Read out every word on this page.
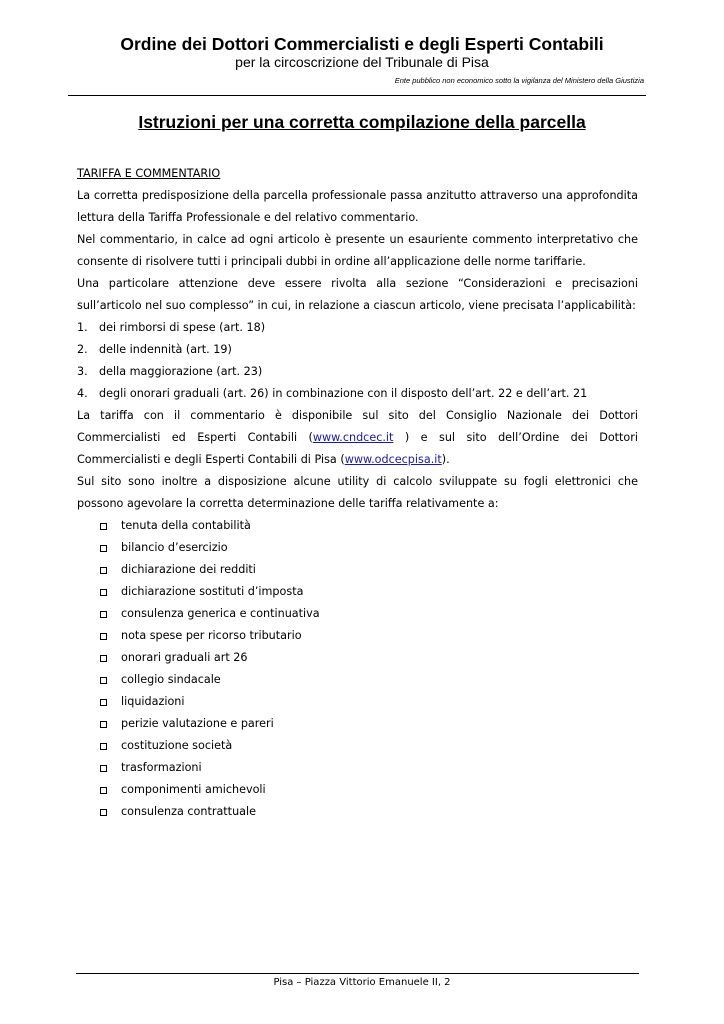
Ordine dei Dottori Commercialisti e degli Esperti Contabili
per la circoscrizione del Tribunale di Pisa
Ente pubblico non economico sotto la vigilanza del Ministero della Giustizia
Istruzioni per una corretta compilazione della parcella

TARIFFA E COMMENTARIO

La corretta predisposizione della parcella professionale passa anzitutto attraverso una approfondita lettura della Tariffa Professionale e del relativo commentario.

Nel commentario, in calce ad ogni articolo è presente un esauriente commento interpretativo che consente di risolvere tutti i principali dubbi in ordine all’applicazione delle norme tariffarie.

Una particolare attenzione deve essere rivolta alla sezione “Considerazioni e precisazioni sull’articolo nel suo complesso” in cui, in relazione a ciascun articolo, viene precisata l’applicabilità:

1.	dei rimborsi di spese (art. 18)
2.	delle indennità (art. 19)
3.	della maggiorazione (art. 23)
4.	degli onorari graduali (art. 26) in combinazione con il disposto dell’art. 22 e dell’art. 21

La tariffa con il commentario è disponibile sul sito del Consiglio Nazionale dei Dottori Commercialisti ed Esperti Contabili (www.cndcec.it ) e sul sito dell’Ordine dei Dottori Commercialisti e degli Esperti Contabili di Pisa (www.odcecpisa.it).

Sul sito sono inoltre a disposizione alcune utility di calcolo sviluppate su fogli elettronici che possono agevolare la corretta determinazione delle tariffa relativamente a:

tenuta della contabilità
bilancio d’esercizio
dichiarazione dei redditi
dichiarazione sostituti d’imposta
consulenza generica e continuativa
nota spese per ricorso tributario
onorari graduali art 26
collegio sindacale
liquidazioni
perizie valutazione e pareri
costituzione società
trasformazioni
componimenti amichevoli
consulenza contrattuale
Pisa – Piazza Vittorio Emanuele II, 2
